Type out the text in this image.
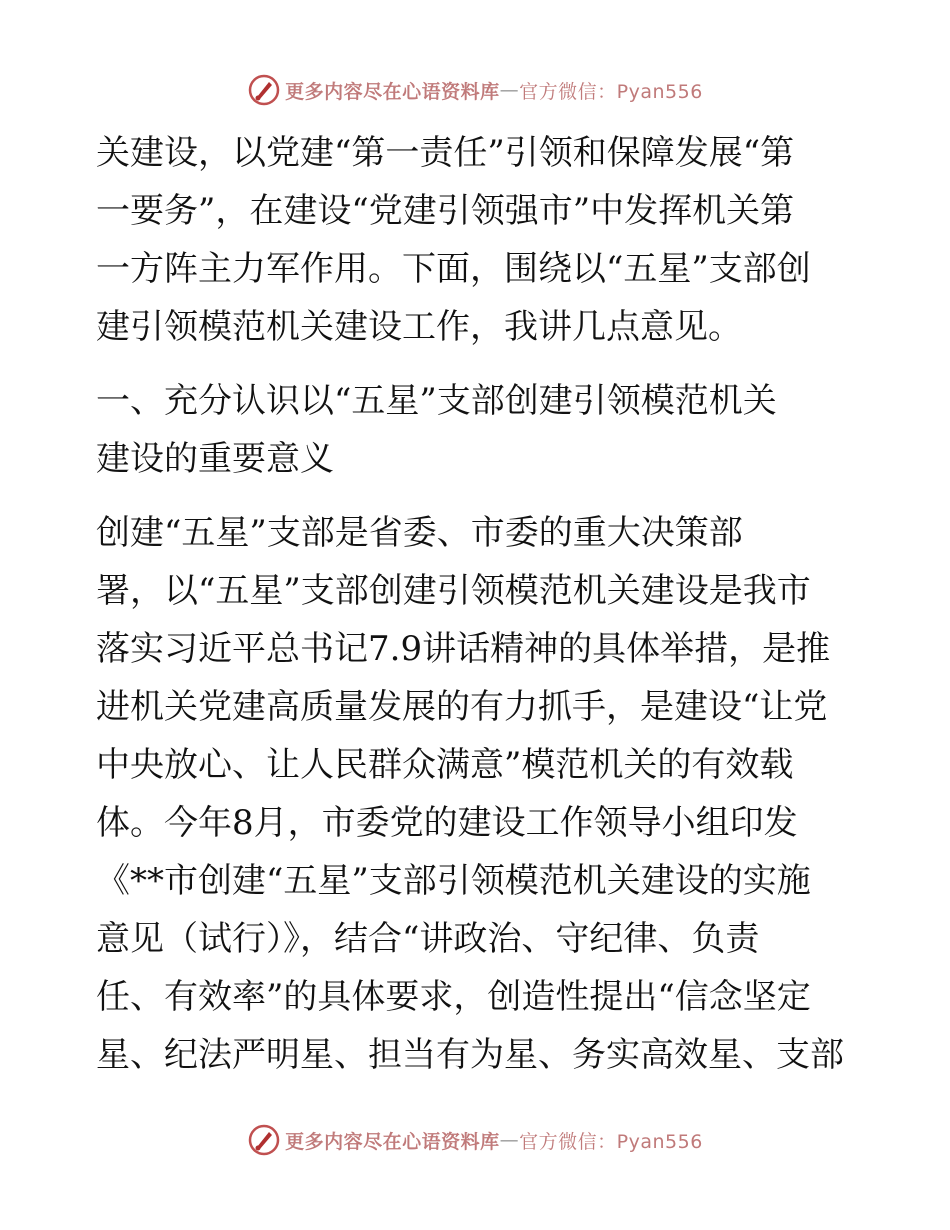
更多内容尽在心语资料库 — 官方微信：Pyan556
关建设，以党建“第一责任”引领和保障发展“第
一要务”，在建设“党建引领强市”中发挥机关第
一方阵主力军作用。下面，围绕以“五星”支部创
建引领模范机关建设工作，我讲几点意见。
一、充分认识以“五星”支部创建引领模范机关
建设的重要意义
创建“五星”支部是省委、市委的重大决策部
署，以“五星”支部创建引领模范机关建设是我市
落实习近平总书记7.9讲话精神的具体举措，是推
进机关党建高质量发展的有力抓手，是建设“让党
中央放心、让人民群众满意”模范机关的有效载
体。今年8月，市委党的建设工作领导小组印发
《**市创建“五星”支部引领模范机关建设的实施
意见（试行）》，结合“讲政治、守纪律、负责
任、有效率”的具体要求，创造性提出“信念坚定
星、纪法严明星、担当有为星、务实高效星、支部
更多内容尽在心语资料库 — 官方微信：Pyan556
